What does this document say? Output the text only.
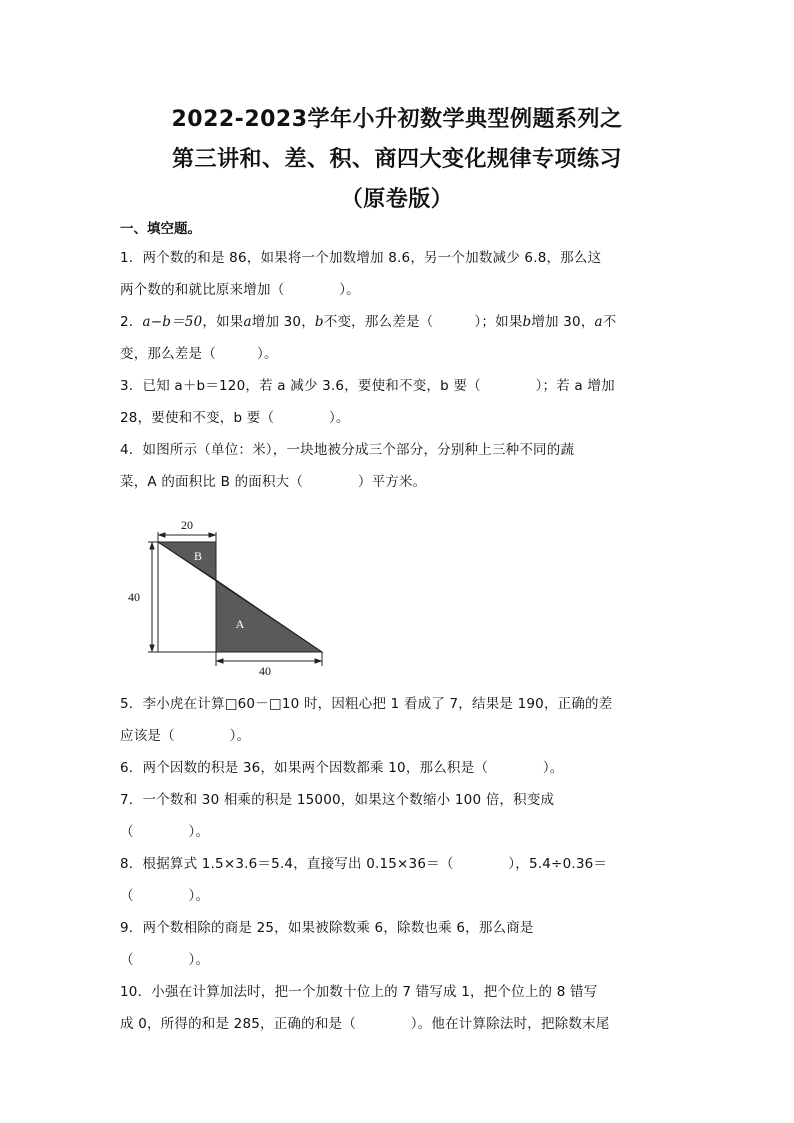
2022-2023学年小升初数学典型例题系列之
第三讲和、差、积、商四大变化规律专项练习
（原卷版）
一、填空题。
1．两个数的和是 86，如果将一个加数增加 8.6，另一个加数减少 6.8，那么这
两个数的和就比原来增加（　　　　）。
2．a−b＝50，如果a增加 30，b不变，那么差是（　　　）；如果b增加 30，a不
变，那么差是（　　　）。
3．已知 a＋b＝120，若 a 减少 3.6，要使和不变，b 要（　　　　）；若 a 增加
28，要使和不变，b 要（　　　　）。
4．如图所示（单位：米），一块地被分成三个部分，分别种上三种不同的蔬
菜，A 的面积比 B 的面积大（　　　　）平方米。
20
40
40
B
A
5．李小虎在计算□60－□10 时，因粗心把 1 看成了 7，结果是 190，正确的差
应该是（　　　　）。
6．两个因数的积是 36，如果两个因数都乘 10，那么积是（　　　　）。
7．一个数和 30 相乘的积是 15000，如果这个数缩小 100 倍，积变成
（　　　　）。
8．根据算式 1.5×3.6＝5.4，直接写出 0.15×36＝（　　　　），5.4÷0.36＝
（　　　　）。
9．两个数相除的商是 25，如果被除数乘 6，除数也乘 6，那么商是
（　　　　）。
10．小强在计算加法时，把一个加数十位上的 7 错写成 1，把个位上的 8 错写
成 0，所得的和是 285，正确的和是（　　　　）。他在计算除法时，把除数末尾
